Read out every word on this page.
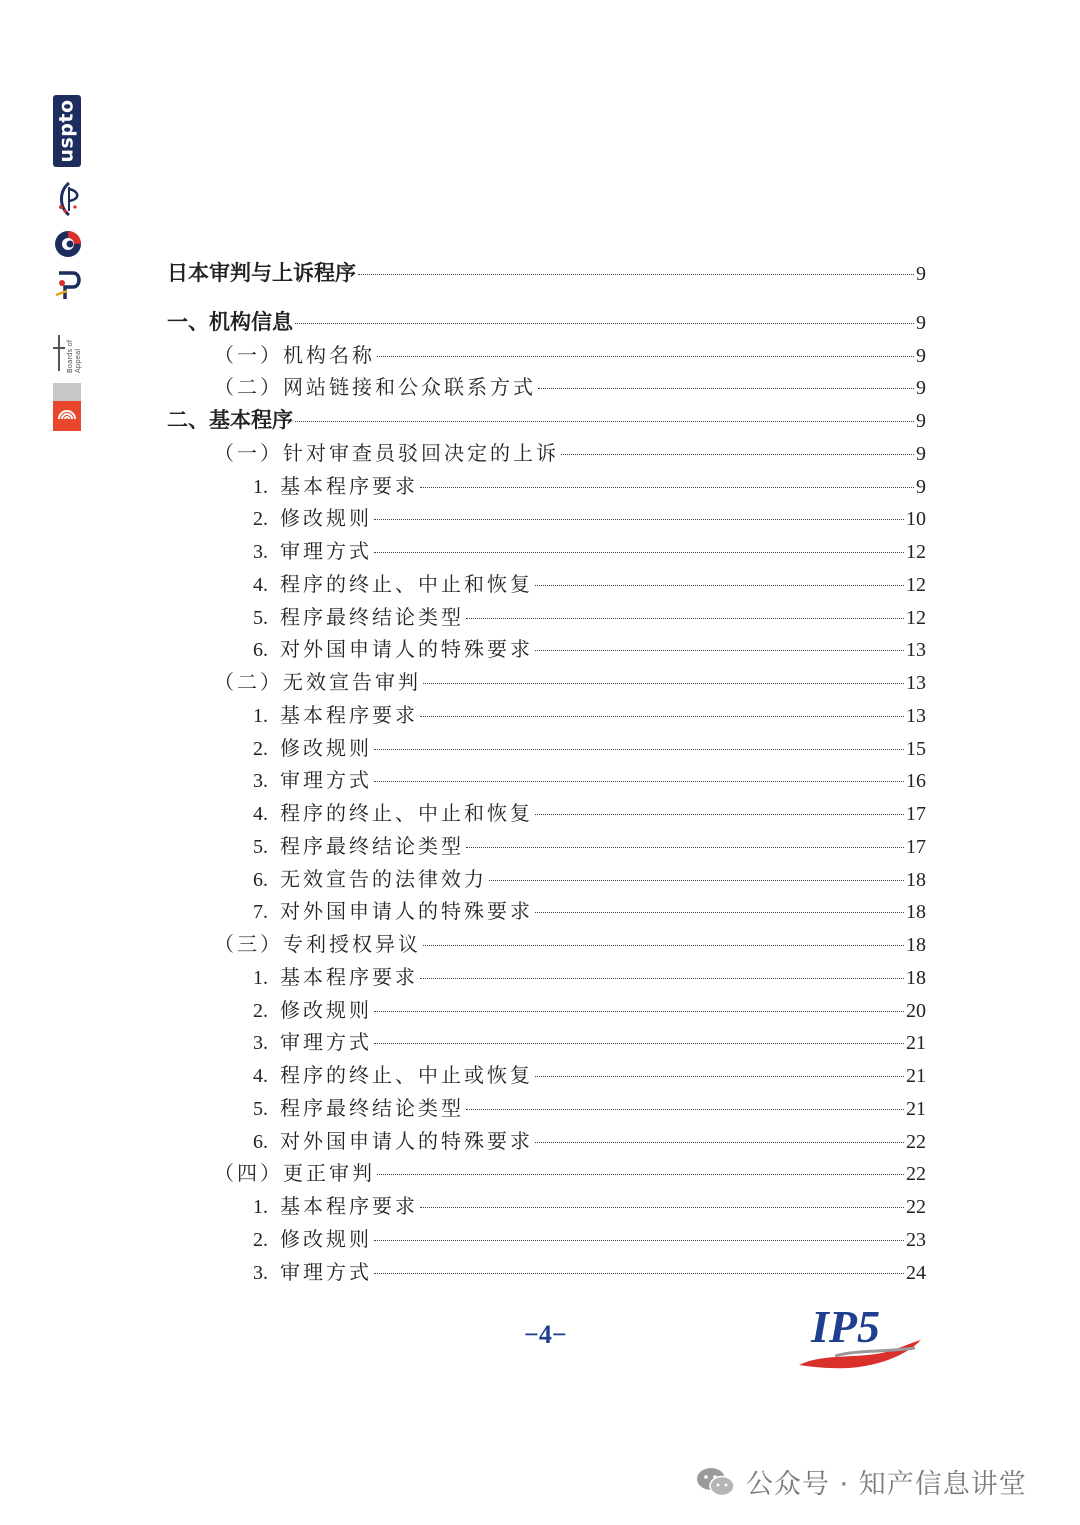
uspto
Boards of Appeal
日本审判与上诉程序	9
一、机构信息	9
（一）机构名称	9
（二）网站链接和公众联系方式	9
二、基本程序	9
（一）针对审查员驳回决定的上诉	9
1. 基本程序要求	9
2. 修改规则	10
3. 审理方式	12
4. 程序的终止、中止和恢复	12
5. 程序最终结论类型	12
6. 对外国申请人的特殊要求	13
（二）无效宣告审判	13
1. 基本程序要求	13
2. 修改规则	15
3. 审理方式	16
4. 程序的终止、中止和恢复	17
5. 程序最终结论类型	17
6. 无效宣告的法律效力	18
7. 对外国申请人的特殊要求	18
（三）专利授权异议	18
1. 基本程序要求	18
2. 修改规则	20
3. 审理方式	21
4. 程序的终止、中止或恢复	21
5. 程序最终结论类型	21
6. 对外国申请人的特殊要求	22
（四）更正审判	22
1. 基本程序要求	22
2. 修改规则	23
3. 审理方式	24
−4−	IP5
公众号 · 知产信息讲堂
